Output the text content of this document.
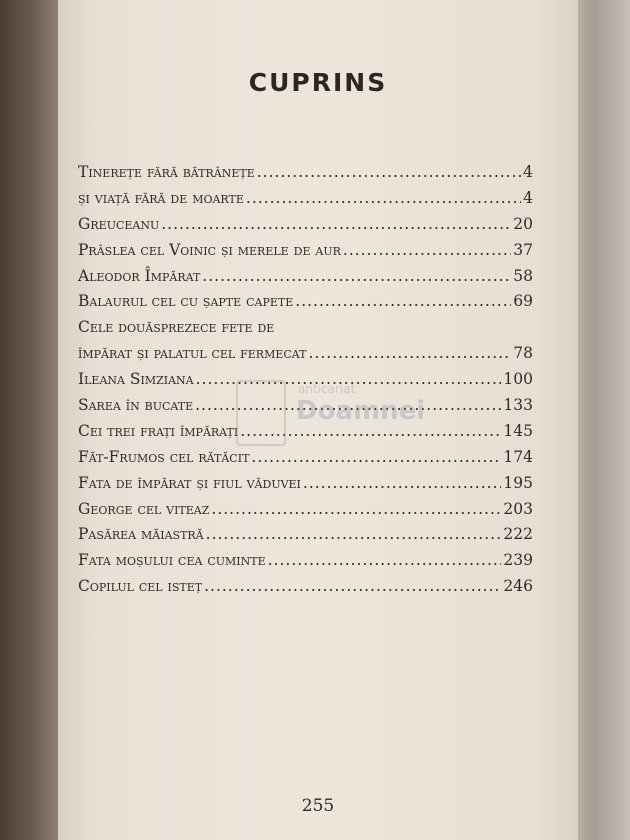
CUPRINS
Tinerețe fără bătrânețe .....	4
și viață fără de moarte .....	4
Greuceanu .....	20
Prâslea cel Voinic și merele de aur .....	37
Aleodor Împărat .....	58
Balaurul cel cu șapte capete .....	69
Cele douăsprezece fete de
împărat și palatul cel fermecat .....	78
Ileana Simziana .....	100
Sarea în bucate .....	133
Cei trei frați împărați .....	145
Făt-Frumos cel rătăcit .....	174
Fata de împărat și fiul văduvei .....	195
George cel viteaz .....	203
Pasărea măiastră .....	222
Fata moșului cea cuminte .....	239
Copilul cel isteț .....	246
anticariat
Doamnei
255
